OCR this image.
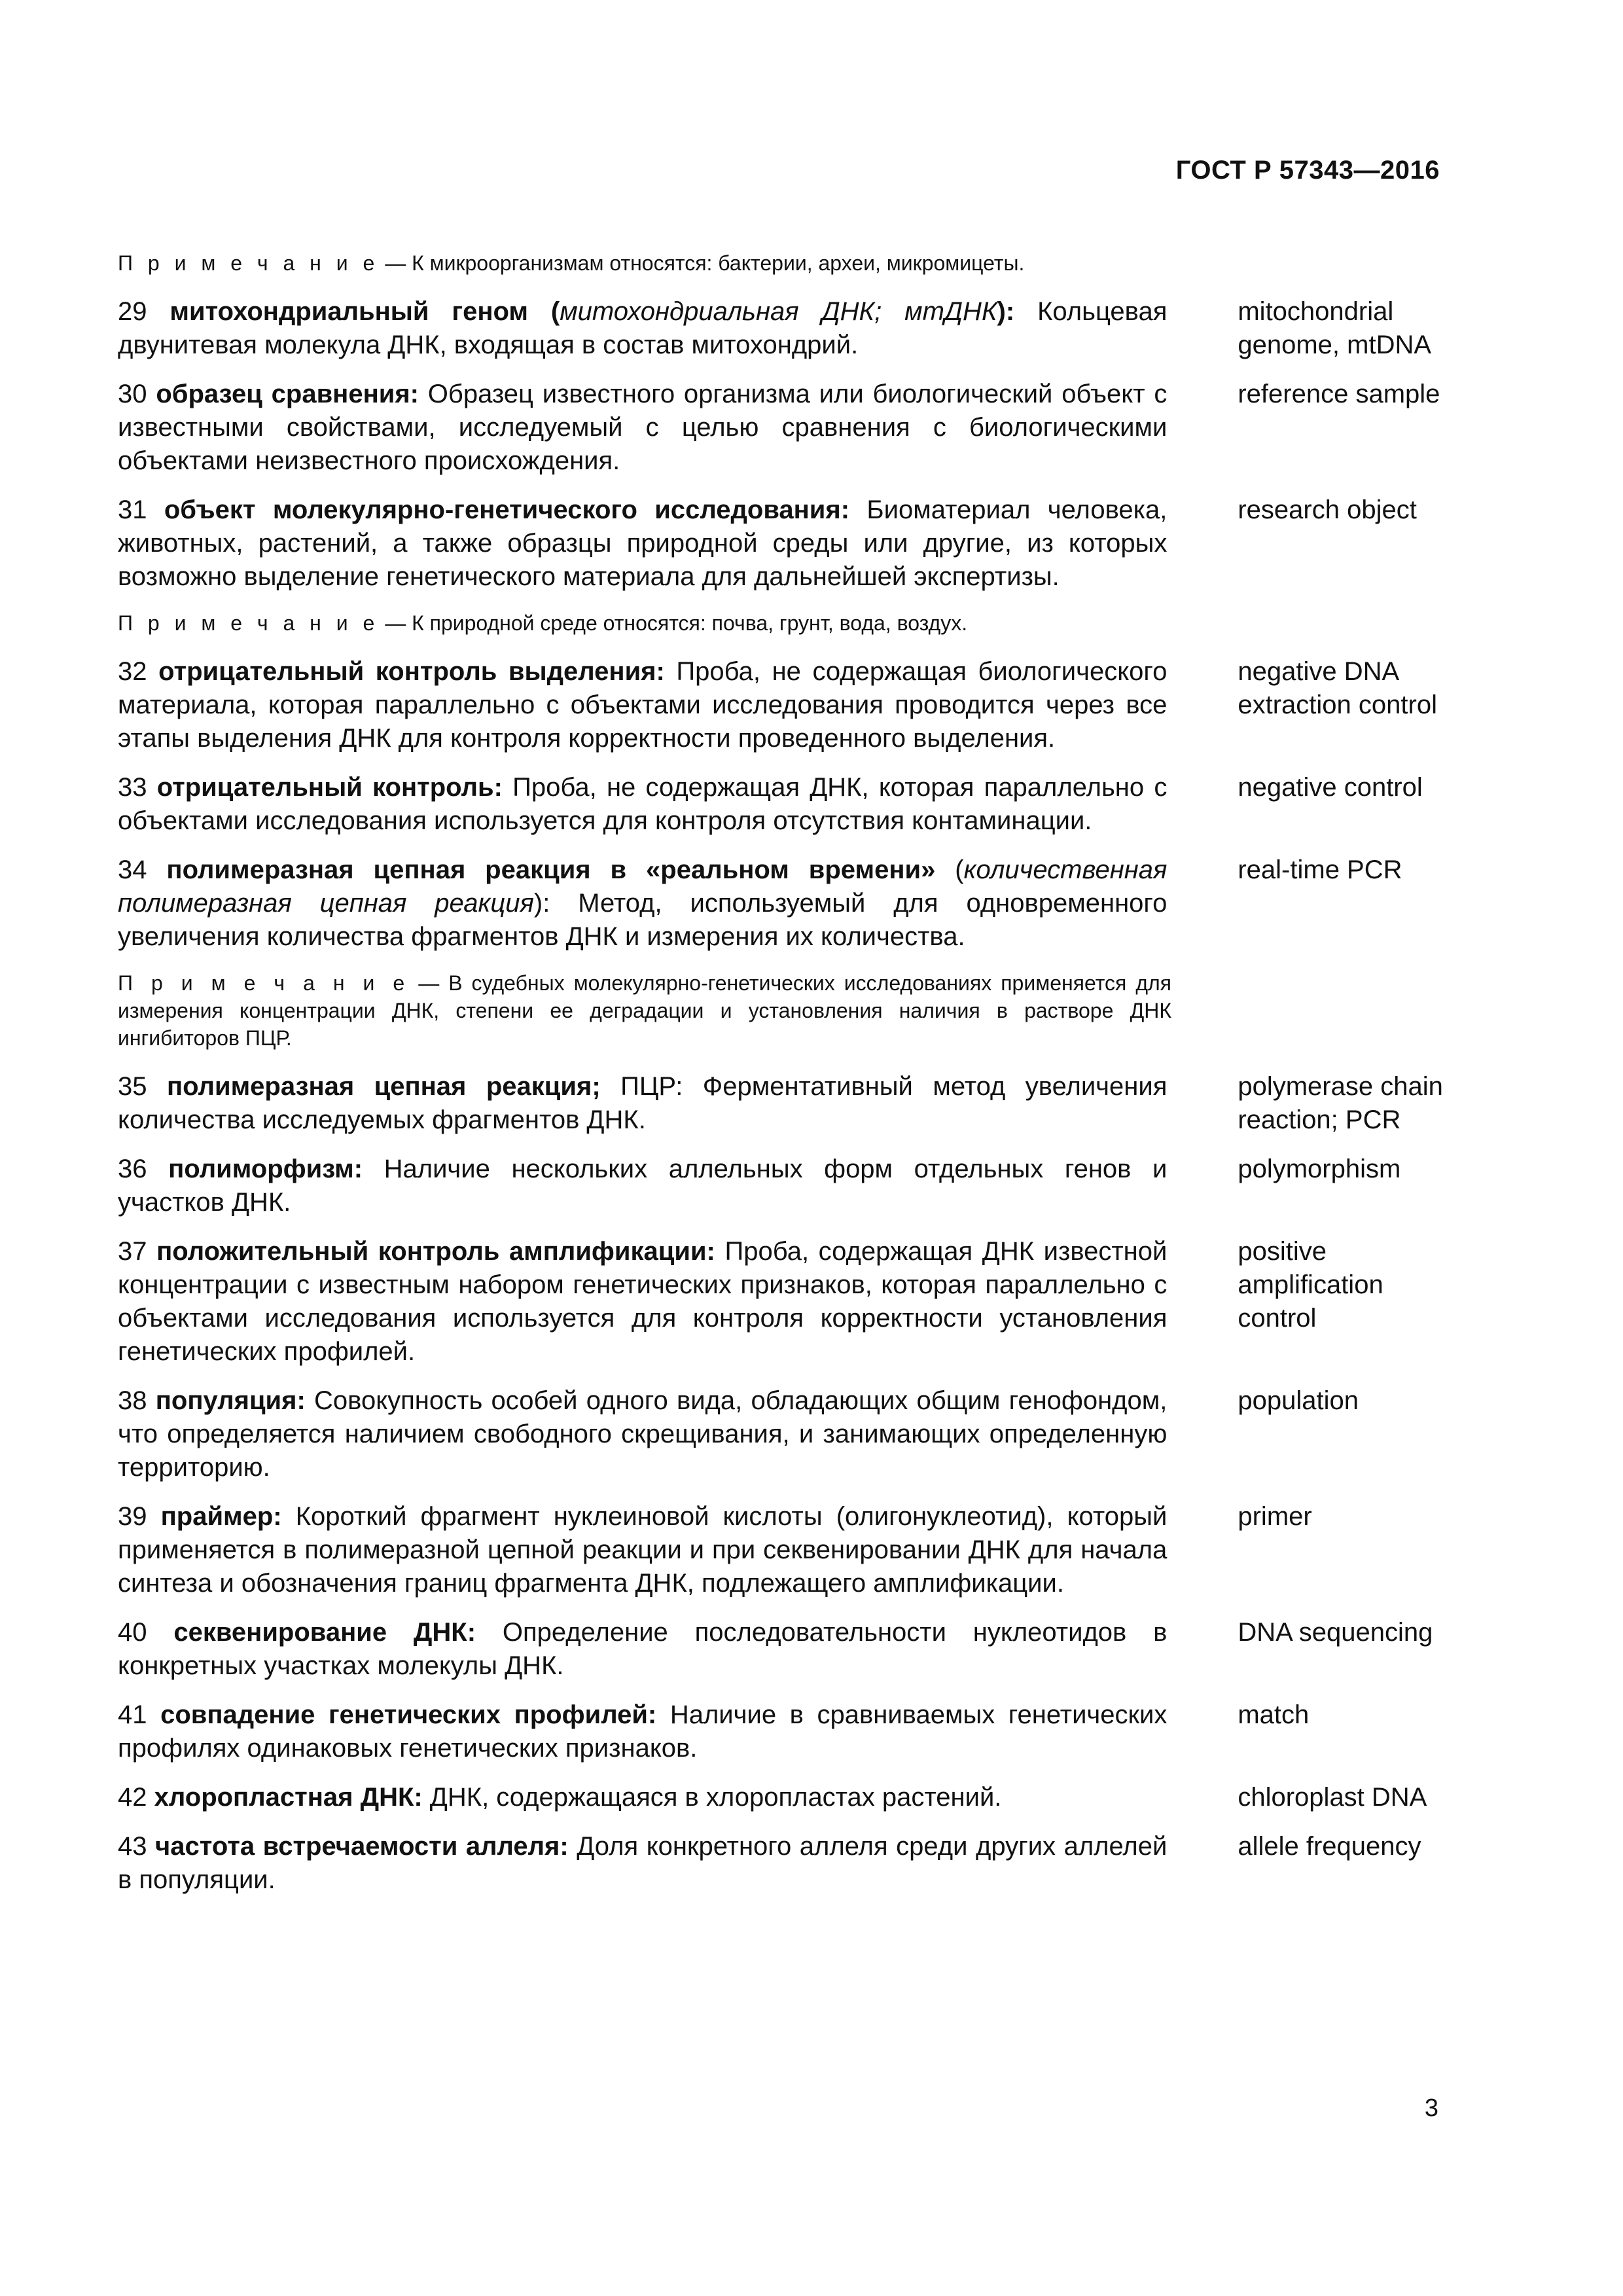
ГОСТ Р 57343—2016
П р и м е ч а н и е — К микроорганизмам относятся: бактерии, археи, микромицеты.
29 митохондриальный геном (митохондриальная ДНК; мтДНК): Кольцевая двунитевая молекула ДНК, входящая в состав митохондрий.
mitochondrial genome, mtDNA
30 образец сравнения: Образец известного организма или биологический объект с известными свойствами, исследуемый с целью сравнения с биологическими объектами неизвестного происхождения.
reference sample
31 объект молекулярно-генетического исследования: Биоматериал человека, животных, растений, а также образцы природной среды или другие, из которых возможно выделение генетического материала для дальнейшей экспертизы.
research object
П р и м е ч а н и е — К природной среде относятся: почва, грунт, вода, воздух.
32 отрицательный контроль выделения: Проба, не содержащая биологического материала, которая параллельно с объектами исследования проводится через все этапы выделения ДНК для контроля корректности проведенного выделения.
negative DNA extraction control
33 отрицательный контроль: Проба, не содержащая ДНК, которая параллельно с объектами исследования используется для контроля отсутствия контаминации.
negative control
34 полимеразная цепная реакция в «реальном времени» (количественная полимеразная цепная реакция): Метод, используемый для одновременного увеличения количества фрагментов ДНК и измерения их количества.
real-time PCR
П р и м е ч а н и е — В судебных молекулярно-генетических исследованиях применяется для измерения концентрации ДНК, степени ее деградации и установления наличия в растворе ДНК ингибиторов ПЦР.
35 полимеразная цепная реакция; ПЦР: Ферментативный метод увеличения количества исследуемых фрагментов ДНК.
polymerase chain reaction; PCR
36 полиморфизм: Наличие нескольких аллельных форм отдельных генов и участков ДНК.
polymorphism
37 положительный контроль амплификации: Проба, содержащая ДНК известной концентрации с известным набором генетических признаков, которая параллельно с объектами исследования используется для контроля корректности установления генетических профилей.
positive amplification control
38 популяция: Совокупность особей одного вида, обладающих общим генофондом, что определяется наличием свободного скрещивания, и занимающих определенную территорию.
population
39 праймер: Короткий фрагмент нуклеиновой кислоты (олигонуклеотид), который применяется в полимеразной цепной реакции и при секвенировании ДНК для начала синтеза и обозначения границ фрагмента ДНК, подлежащего амплификации.
primer
40 секвенирование ДНК: Определение последовательности нуклеотидов в конкретных участках молекулы ДНК.
DNA sequencing
41 совпадение генетических профилей: Наличие в сравниваемых генетических профилях одинаковых генетических признаков.
match
42 хлоропластная ДНК: ДНК, содержащаяся в хлоропластах растений.	chloroplast DNA
43 частота встречаемости аллеля: Доля конкретного аллеля среди других аллелей в популяции.
allele frequency
3
